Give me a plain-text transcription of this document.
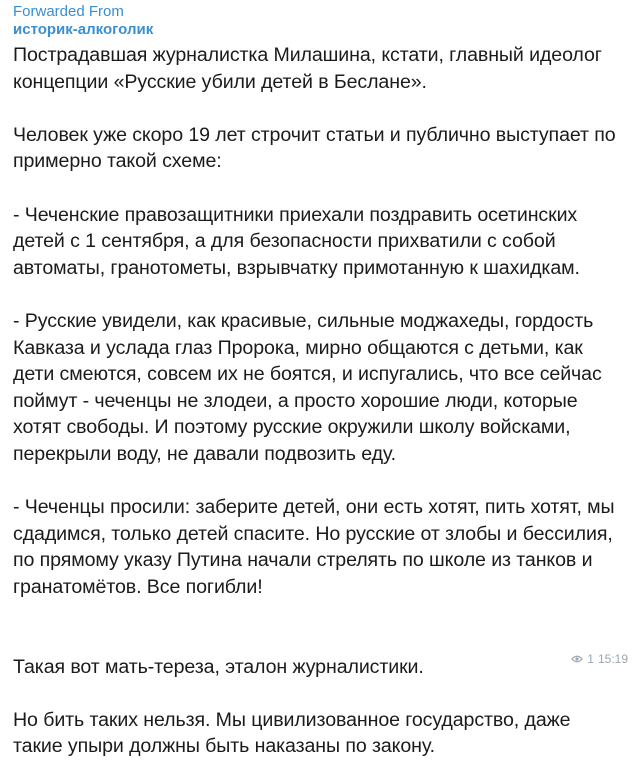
Forwarded From
историк-алкоголик

Пострадавшая журналистка Милашина, кстати, главный идеолог концепции «Русские убили детей в Беслане».

Человек уже скоро 19 лет строчит статьи и публично выступает по примерно такой схеме:

- Чеченские правозащитники приехали поздравить осетинских детей с 1 сентября, а для безопасности прихватили с собой автоматы, гранотометы, взрывчатку примотанную к шахидкам.

- Русские увидели, как красивые, сильные моджахеды, гордость Кавказа и услада глаз Пророка, мирно общаются с детьми, как дети смеются, совсем их не боятся, и испугались, что все сейчас поймут - чеченцы не злодеи, а просто хорошие люди, которые хотят свободы. И поэтому русские окружили школу войсками, перекрыли воду, не давали подвозить еду.

- Чеченцы просили: заберите детей, они есть хотят, пить хотят, мы сдадимся, только детей спасите. Но русские от злобы и бессилия, по прямому указу Путина начали стрелять по школе из танков и гранатомётов. Все погибли!

Такая вот мать-тереза, эталон журналистики.

Но бить таких нельзя. Мы цивилизованное государство, даже такие упыри должны быть наказаны по закону.

1 15:19
